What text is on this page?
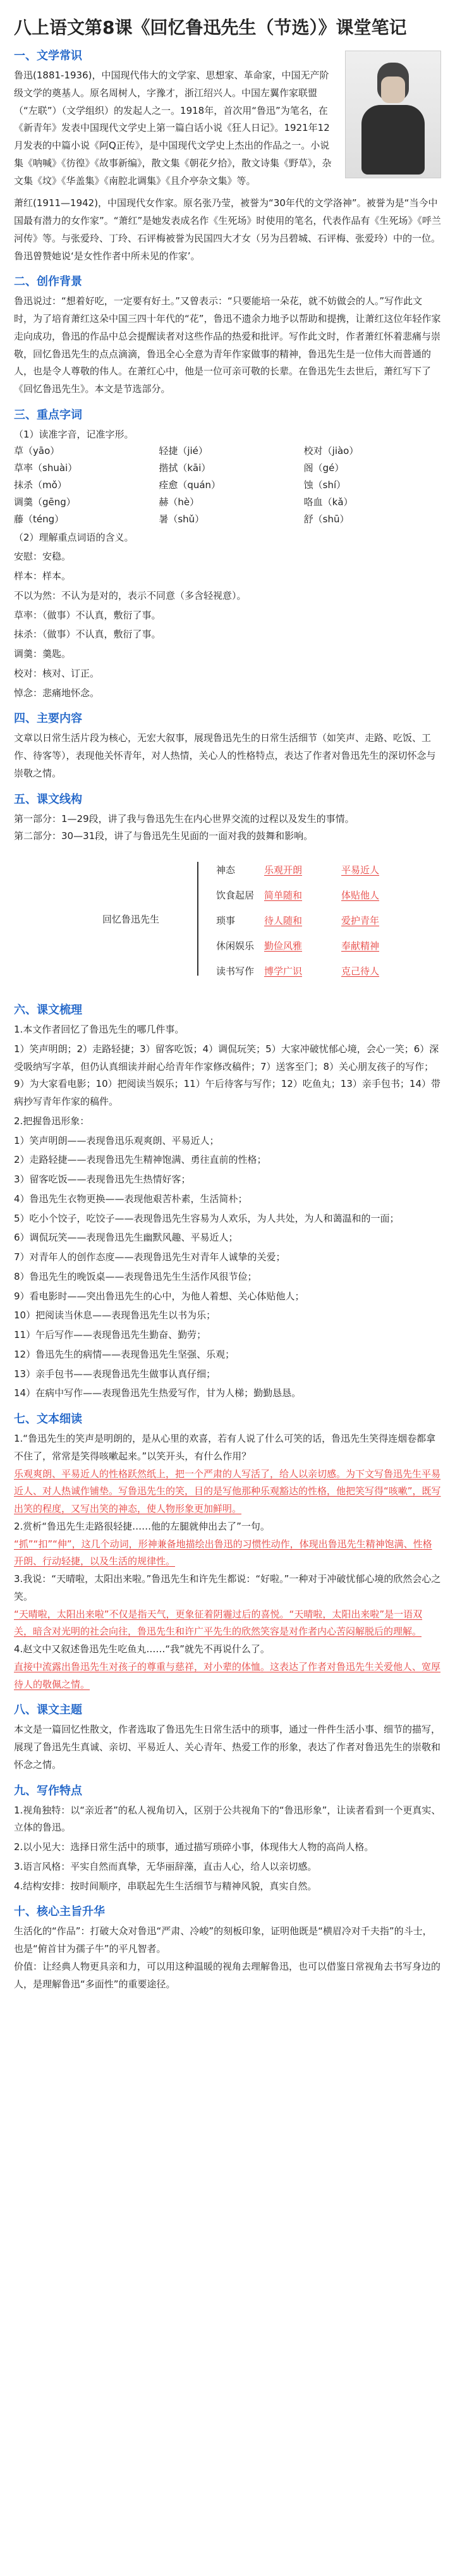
八上语文第8课《回忆鲁迅先生（节选）》课堂笔记
一、文学常识
鲁迅(1881-1936)，中国现代伟大的文学家、思想家、革命家，中国无产阶级文学的奠基人。原名周树人，字豫才，浙江绍兴人。中国左翼作家联盟（“左联”）（文学组织）的发起人之一。1918年，首次用“鲁迅”为笔名，在《新青年》发表中国现代文学史上第一篇白话小说《狂人日记》。1921年12月发表的中篇小说《阿Q正传》，是中国现代文学史上杰出的作品之一。小说集《呐喊》《彷徨》《故事新编》，散文集《朝花夕拾》，散文诗集《野草》，杂文集《坟》《华盖集》《南腔北调集》《且介亭杂文集》等。
萧红(1911—1942)，中国现代女作家。原名张乃莹，被誉为“30年代的文学洛神”。被誉为是“当今中国最有潜力的女作家”。“萧红”是她发表成名作《生死场》时使用的笔名，代表作品有《生死场》《呼兰河传》等。与张爱玲、丁玲、石评梅被誉为民国四大才女（另为吕碧城、石评梅、张爱玲）中的一位。鲁迅曾赞她说‘是女性作者中所未见的作家’。
二、创作背景
鲁迅说过：“想着好吃，一定要有好土。”又曾表示：“只要能培一朵花，就不妨做会的人。”写作此文时，为了培育萧红这朵中国三四十年代的“花”，鲁迅不遗余力地予以帮助和提携，让萧红这位年轻作家走向成功，鲁迅的作品中总会提醒读者对这些作品的热爱和批评。写作此文时，作者萧红怀着悲痛与崇敬，回忆鲁迅先生的点点滴滴，鲁迅全心全意为青年作家做事的精神，鲁迅先生是一位伟大而普通的人，也是令人尊敬的伟人。在萧红心中，他是一位可亲可敬的长辈。在鲁迅先生去世后，萧红写下了《回忆鲁迅先生》。本文是节选部分。
三、重点字词
（1）读准字音，记准字形。
草（yāo）	轻捷（jié）	校对（jiào）
草率（shuài）	揩拭（kāi）	阁（gé）
抹杀（mǒ）	痊愈（quán）	蚀（shí）
调羹（gēng）	赫（hè）	咯血（kǎ）
藤（téng）	暑（shǔ）	舒（shū）
（2）理解重点词语的含义。
安慰：安稳。
样本：样本。
不以为然：不认为是对的，表示不同意（多含轻视意）。
草率：（做事）不认真，敷衍了事。
抹杀：（做事）不认真，敷衍了事。
调羹：羹匙。
校对：核对、订正。
悼念：悲痛地怀念。
四、主要内容
文章以日常生活片段为核心，无宏大叙事，展现鲁迅先生的日常生活细节（如笑声、走路、吃饭、工作、待客等），表现他关怀青年，对人热情，关心人的性格特点，表达了作者对鲁迅先生的深切怀念与崇敬之情。
五、课文线构
第一部分：1—29段，讲了我与鲁迅先生在内心世界交流的过程以及发生的事情。
第二部分：30—31段，讲了与鲁迅先生见面的一面对我的鼓舞和影响。
回忆鲁迅先生
神态	乐观开朗	平易近人
饮食起居 简单随和	体贴他人
琐事	待人随和	爱护青年
休闲娱乐 勤俭风雅	奉献精神
读书写作 博学广识	克己待人
六、课文梳理
1.本文作者回忆了鲁迅先生的哪几件事。
1）笑声明朗；2）走路轻捷；3）留客吃饭；4）调侃玩笑；5）大家冲破忧郁心境，会心一笑；6）深受吸纳写字革，但仍认真细读并耐心给青年作家修改稿件；7）送客至门；8）关心朋友孩子的写作；9）为大家看电影；10）把阅读当娱乐；11）午后待客与写作；12）吃鱼丸；13）亲手包书；14）带病抄写青年作家的稿件。
2.把握鲁迅形象：
1）笑声明朗——表现鲁迅乐观爽朗、平易近人；
2）走路轻捷——表现鲁迅先生精神饱满、勇往直前的性格；
3）留客吃饭——表现鲁迅先生热情好客；
4）鲁迅先生衣物更换——表现他艰苦朴素，生活简朴；
5）吃小个饺子，吃饺子——表现鲁迅先生容易为人欢乐，为人共处，为人和蔼温和的一面；
6）调侃玩笑——表现鲁迅先生幽默风趣、平易近人；
7）对青年人的创作态度——表现鲁迅先生对青年人诚挚的关爱；
8）鲁迅先生的晚饭桌——表现鲁迅先生生活作风很节俭；
9）看电影时——突出鲁迅先生的心中，为他人着想、关心体贴他人；
10）把阅读当休息——表现鲁迅先生以书为乐；
11）午后写作——表现鲁迅先生勤奋、勤劳；
12）鲁迅先生的病情——表现鲁迅先生坚强、乐观；
13）亲手包书——表现鲁迅先生做事认真仔细；
14）在病中写作——表现鲁迅先生热爱写作，甘为人梯；勤勤恳恳。
七、文本细读
1.“鲁迅先生的笑声是明朗的，是从心里的欢喜，若有人说了什么可笑的话，鲁迅先生笑得连烟卷都拿不住了，常常是笑得咳嗽起来。”以笑开头，有什么作用？
乐观爽朗、平易近人的性格跃然纸上，把一个严肃的人写活了，给人以亲切感。为下文写鲁迅先生平易近人、对人热诚作铺垫。写鲁迅先生的笑，目的是写他那种乐观豁达的性格，他把笑写得“咳嗽”，既写出笑的程度，又写出笑的神态，使人物形象更加鲜明。
2.赏析“鲁迅先生走路很轻捷……他的左腿就伸出去了”一句。
“抓”“扣”“伸”，这几个动词，形神兼备地描绘出鲁迅的习惯性动作，体现出鲁迅先生精神饱满、性格开朗、行动轻捷，以及生活的规律性。
3.我说：“天晴啦，太阳出来啦。”鲁迅先生和许先生都说：“好啦。”一种对于冲破忧郁心境的欣然会心之笑。
“天晴啦，太阳出来啦”不仅是指天气，更象征着阴霾过后的喜悦。“天晴啦，太阳出来啦”是一语双关，暗含对光明的社会向往，鲁迅先生和许广平先生的欣然笑容是对作者内心苦闷解脱后的理解。
4.赵文中又叙述鲁迅先生吃鱼丸……“我”就先不再说什么了。
直接中流露出鲁迅先生对孩子的尊重与慈祥，对小辈的体恤。这表达了作者对鲁迅先生关爱他人、宽厚待人的敬佩之情。
八、课文主题
本文是一篇回忆性散文，作者选取了鲁迅先生日常生活中的琐事，通过一件件生活小事、细节的描写，展现了鲁迅先生真诚、亲切、平易近人、关心青年、热爱工作的形象，表达了作者对鲁迅先生的崇敬和怀念之情。
九、写作特点
1.视角独特：以“亲近者”的私人视角切入，区别于公共视角下的“鲁迅形象”，让读者看到一个更真实、立体的鲁迅。
2.以小见大：选择日常生活中的琐事，通过描写琐碎小事，体现伟大人物的高尚人格。
3.语言风格：平实自然而真挚，无华丽辞藻，直击人心，给人以亲切感。
4.结构安排：按时间顺序，串联起先生生活细节与精神风貌，真实自然。
十、核心主旨升华
生活化的“作品”：打破大众对鲁迅“严肃、冷峻”的刻板印象，证明他既是“横眉冷对千夫指”的斗士，也是“俯首甘为孺子牛”的平凡智者。
价值：让经典人物更具亲和力，可以用这种温暖的视角去理解鲁迅，也可以借鉴日常视角去书写身边的人，是理解鲁迅“多面性”的重要途径。
